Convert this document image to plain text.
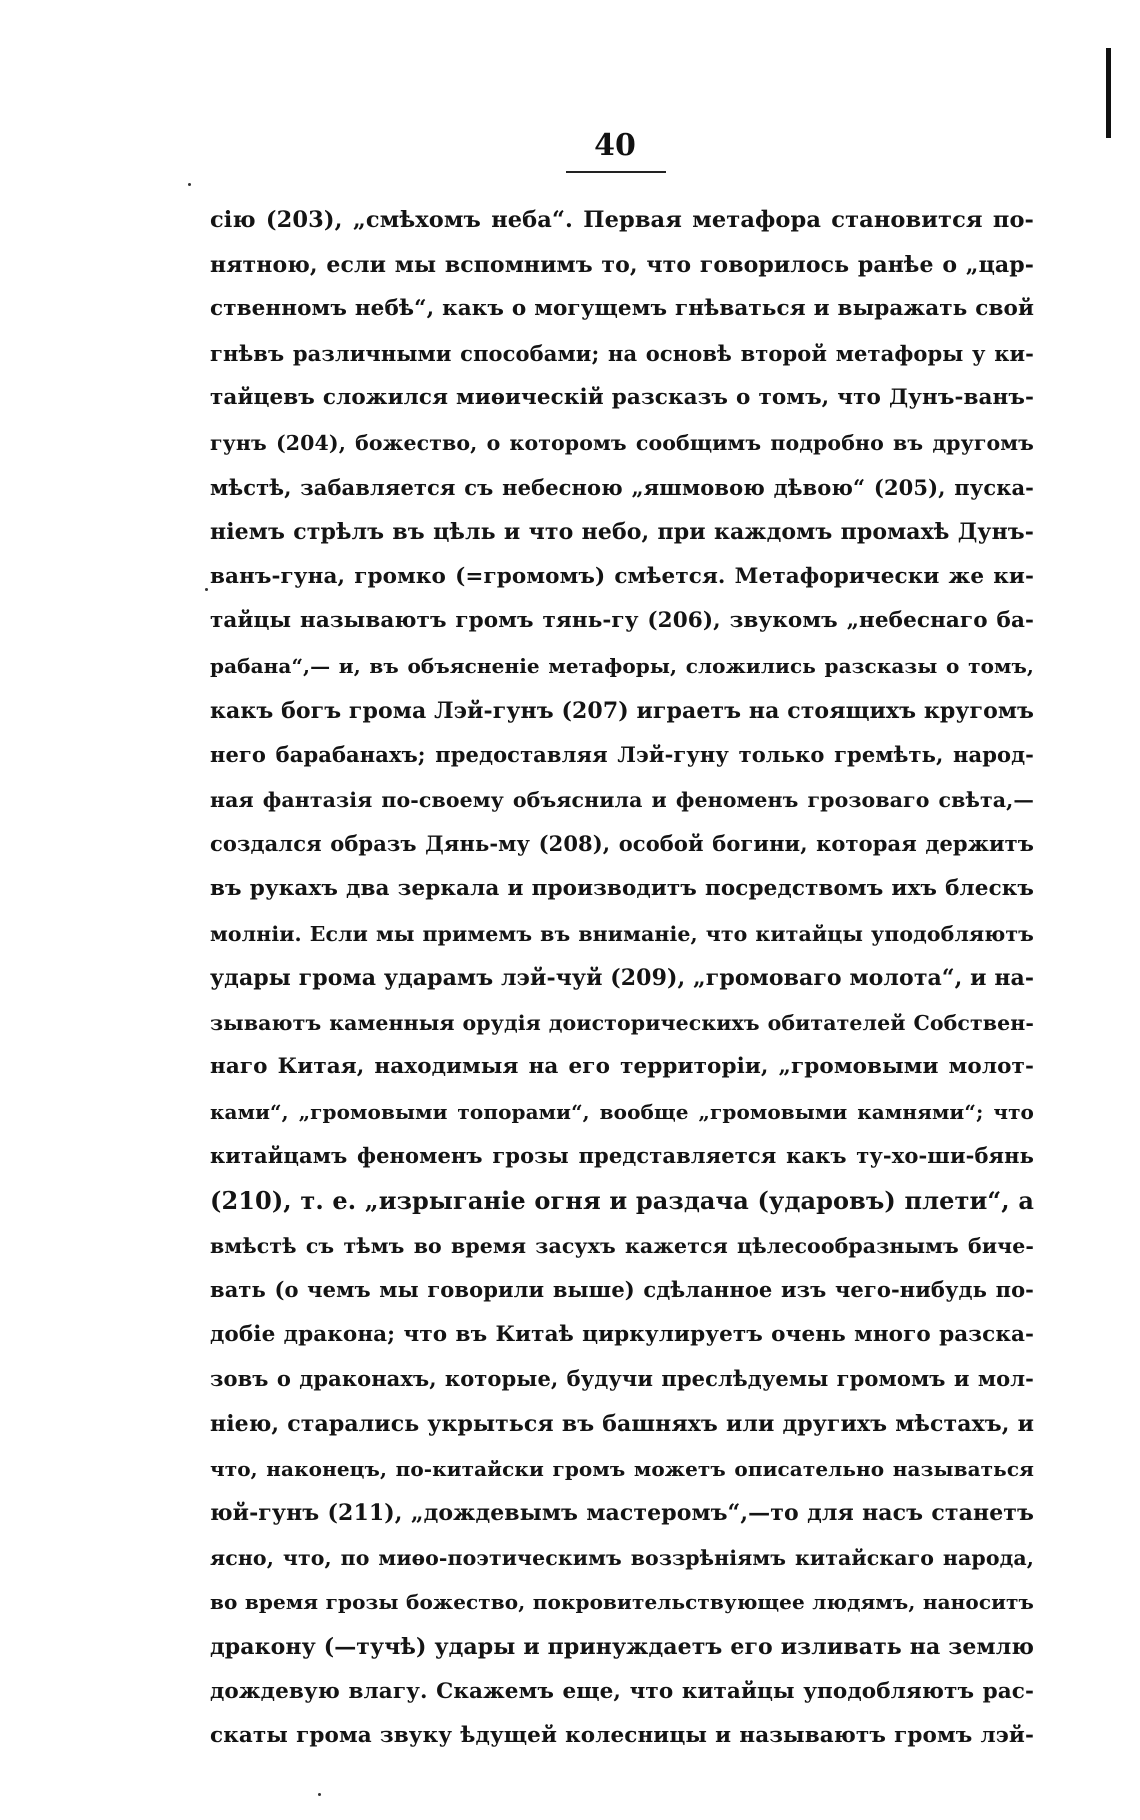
40
сію (203), „смѣхомъ неба“. Первая метафора становится по-
нятною, если мы вспомнимъ то, что говорилось ранѣе о „цар-
ственномъ небѣ“, какъ о могущемъ гнѣваться и выражать свой
гнѣвъ различными способами; на основѣ второй метафоры у ки-
тайцевъ сложился миѳическій разсказъ о томъ, что Дунъ-ванъ-
гунъ (204), божество, о которомъ сообщимъ подробно въ другомъ
мѣстѣ, забавляется съ небесною „яшмовою дѣвою“ (205), пуска-
ніемъ стрѣлъ въ цѣль и что небо, при каждомъ промахѣ Дунъ-
ванъ-гуна, громко (=громомъ) смѣется. Метафорически же ки-
тайцы называютъ громъ тянь-гу (206), звукомъ „небеснаго ба-
рабана“,— и, въ объясненіе метафоры, сложились разсказы о томъ,
какъ богъ грома Лэй-гунъ (207) играетъ на стоящихъ кругомъ
него барабанахъ; предоставляя Лэй-гуну только гремѣть, народ-
ная фантазія по-своему объяснила и феноменъ грозоваго свѣта,—
создался образъ Дянь-му (208), особой богини, которая держитъ
въ рукахъ два зеркала и производитъ посредствомъ ихъ блескъ
молніи. Если мы примемъ въ вниманіе, что китайцы уподобляютъ
удары грома ударамъ лэй-чуй (209), „громоваго молота“, и на-
зываютъ каменныя орудія доисторическихъ обитателей Собствен-
наго Китая, находимыя на его территоріи, „громовыми молот-
ками“, „громовыми топорами“, вообще „громовыми камнями“; что
китайцамъ феноменъ грозы представляется какъ ту-хо-ши-бянь
(210), т. е. „изрыганіе огня и раздача (ударовъ) плети“, а
вмѣстѣ съ тѣмъ во время засухъ кажется цѣлесообразнымъ биче-
вать (о чемъ мы говорили выше) сдѣланное изъ чего-нибудь по-
добіе дракона; что въ Китаѣ циркулируетъ очень много разска-
зовъ о драконахъ, которые, будучи преслѣдуемы громомъ и мол-
ніею, старались укрыться въ башняхъ или другихъ мѣстахъ, и
что, наконецъ, по-китайски громъ можетъ описательно называться
юй-гунъ (211), „дождевымъ мастеромъ“,—то для насъ станетъ
ясно, что, по миѳо-поэтическимъ воззрѣніямъ китайскаго народа,
во время грозы божество, покровительствующее людямъ, наноситъ
дракону (—тучѣ) удары и принуждаетъ его изливать на землю
дождевую влагу. Скажемъ еще, что китайцы уподобляютъ рас-
скаты грома звуку ѣдущей колесницы и называютъ громъ лэй-
